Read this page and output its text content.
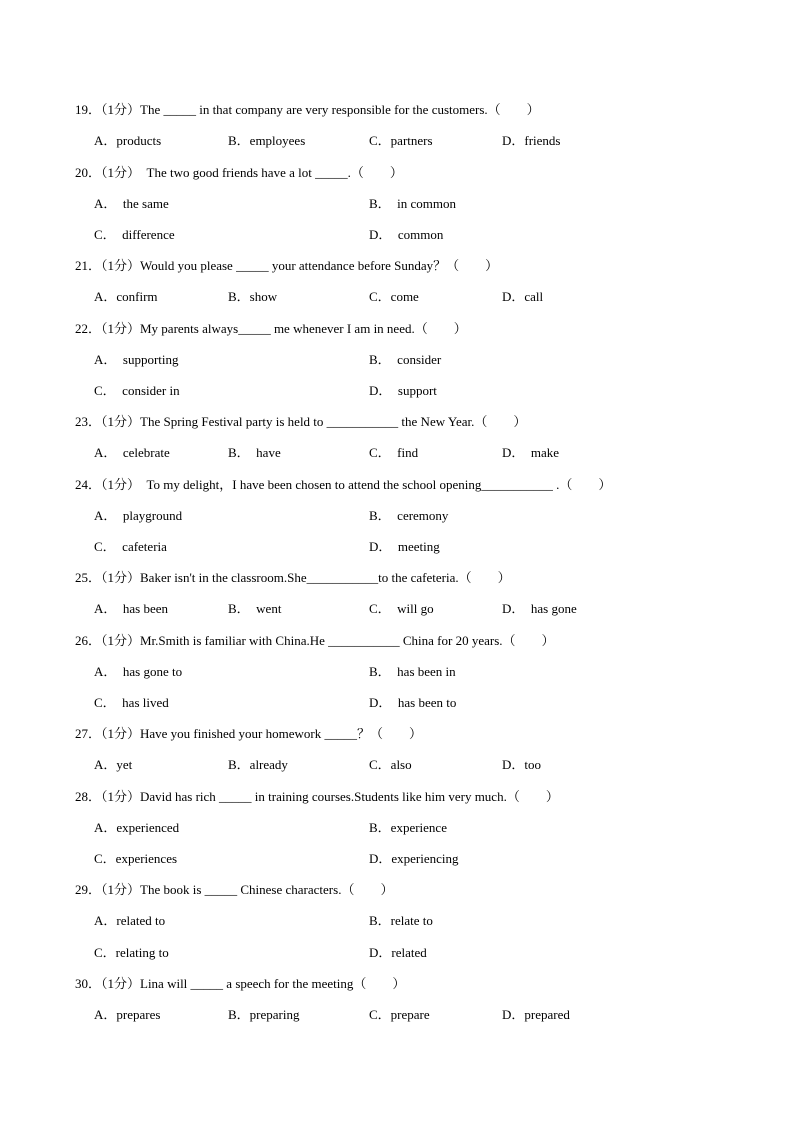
19．（1分）The _____ in that company are very responsible for the customers.（　　）
A．products	B．employees	C．partners	D．friends
20．（1分）  The two good friends have a lot _____.（　　）
A．  the same	B．  in common
C．  difference	D．  common
21．（1分）Would you please _____ your attendance before Sunday？（　　）
A．confirm	B．show	C．come	D．call
22．（1分）My parents always_____ me whenever I am in need.（　　）
A．  supporting	B．  consider
C．  consider in	D．  support
23．（1分）The Spring Festival party is held to ___________ the New Year.（　　）
A．  celebrate	B．  have	C．  find	D．  make
24．（1分）  To my delight，I have been chosen to attend the school opening___________ .（　　）
A．  playground	B．  ceremony
C．  cafeteria	D．  meeting
25．（1分）Baker isn't in the classroom.She___________to the cafeteria.（　　）
A．  has been	B．  went	C．  will go	D．  has gone
26．（1分）Mr.Smith is familiar with China.He ___________ China for 20 years.（　　）
A．  has gone to	B．  has been in
C．  has lived	D．  has been to
27．（1分）Have you finished your homework _____？（　　）
A．yet	B．already	C．also	D．too
28．（1分）David has rich _____ in training courses.Students like him very much.（　　）
A．experienced	B．experience
C．experiences	D．experiencing
29．（1分）The book is _____ Chinese characters.（　　）
A．related to	B．relate to
C．relating to	D．related
30．（1分）Lina will _____ a speech for the meeting（　　）
A．prepares	B．preparing	C．prepare	D．prepared
